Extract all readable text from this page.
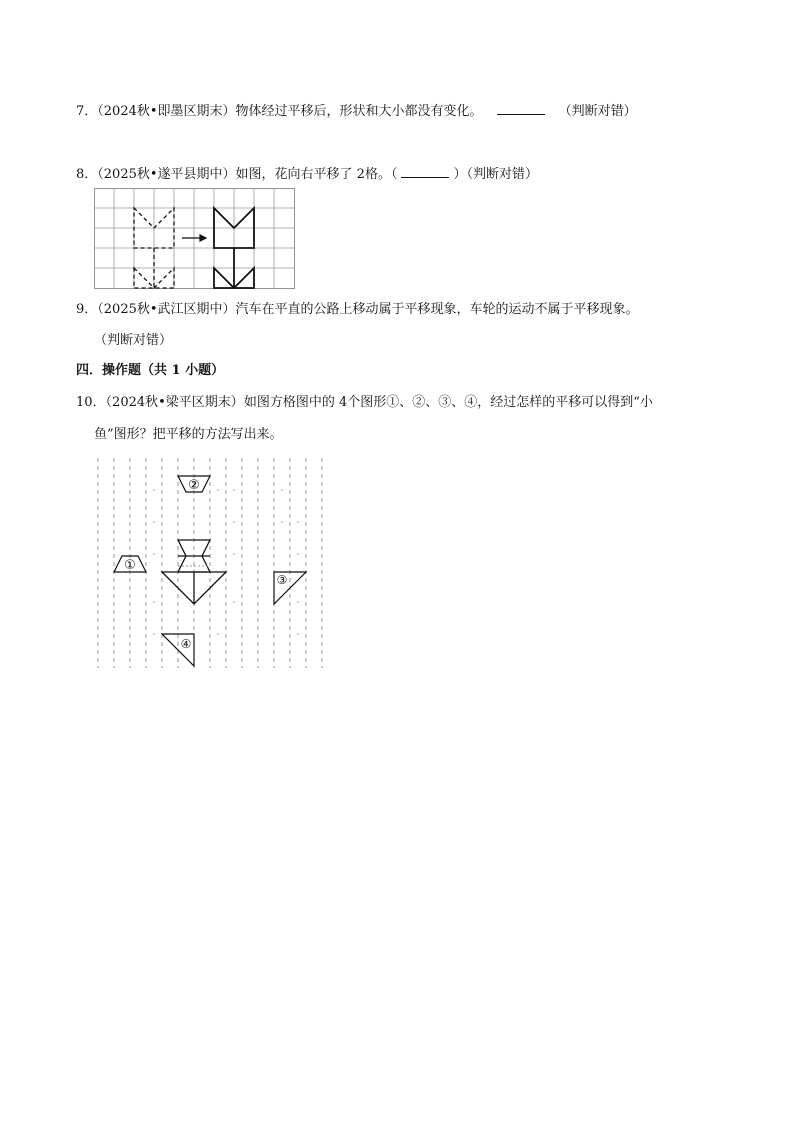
7．（2024秋•即墨区期末）物体经过平移后，形状和大小都没有变化。	（判断对错）
8．（2025秋•遂平县期中）如图，花向右平移了 2格。（	）（判断对错）
9．（2025秋•武江区期中）汽车在平直的公路上移动属于平移现象，车轮的运动不属于平移现象。
（判断对错）
四．操作题（共 1 小题）
10．（2024秋•梁平区期末）如图方格图中的 4个图形①、②、③、④，经过怎样的平移可以得到“小
鱼”图形？把平移的方法写出来。
②
①
③
④
